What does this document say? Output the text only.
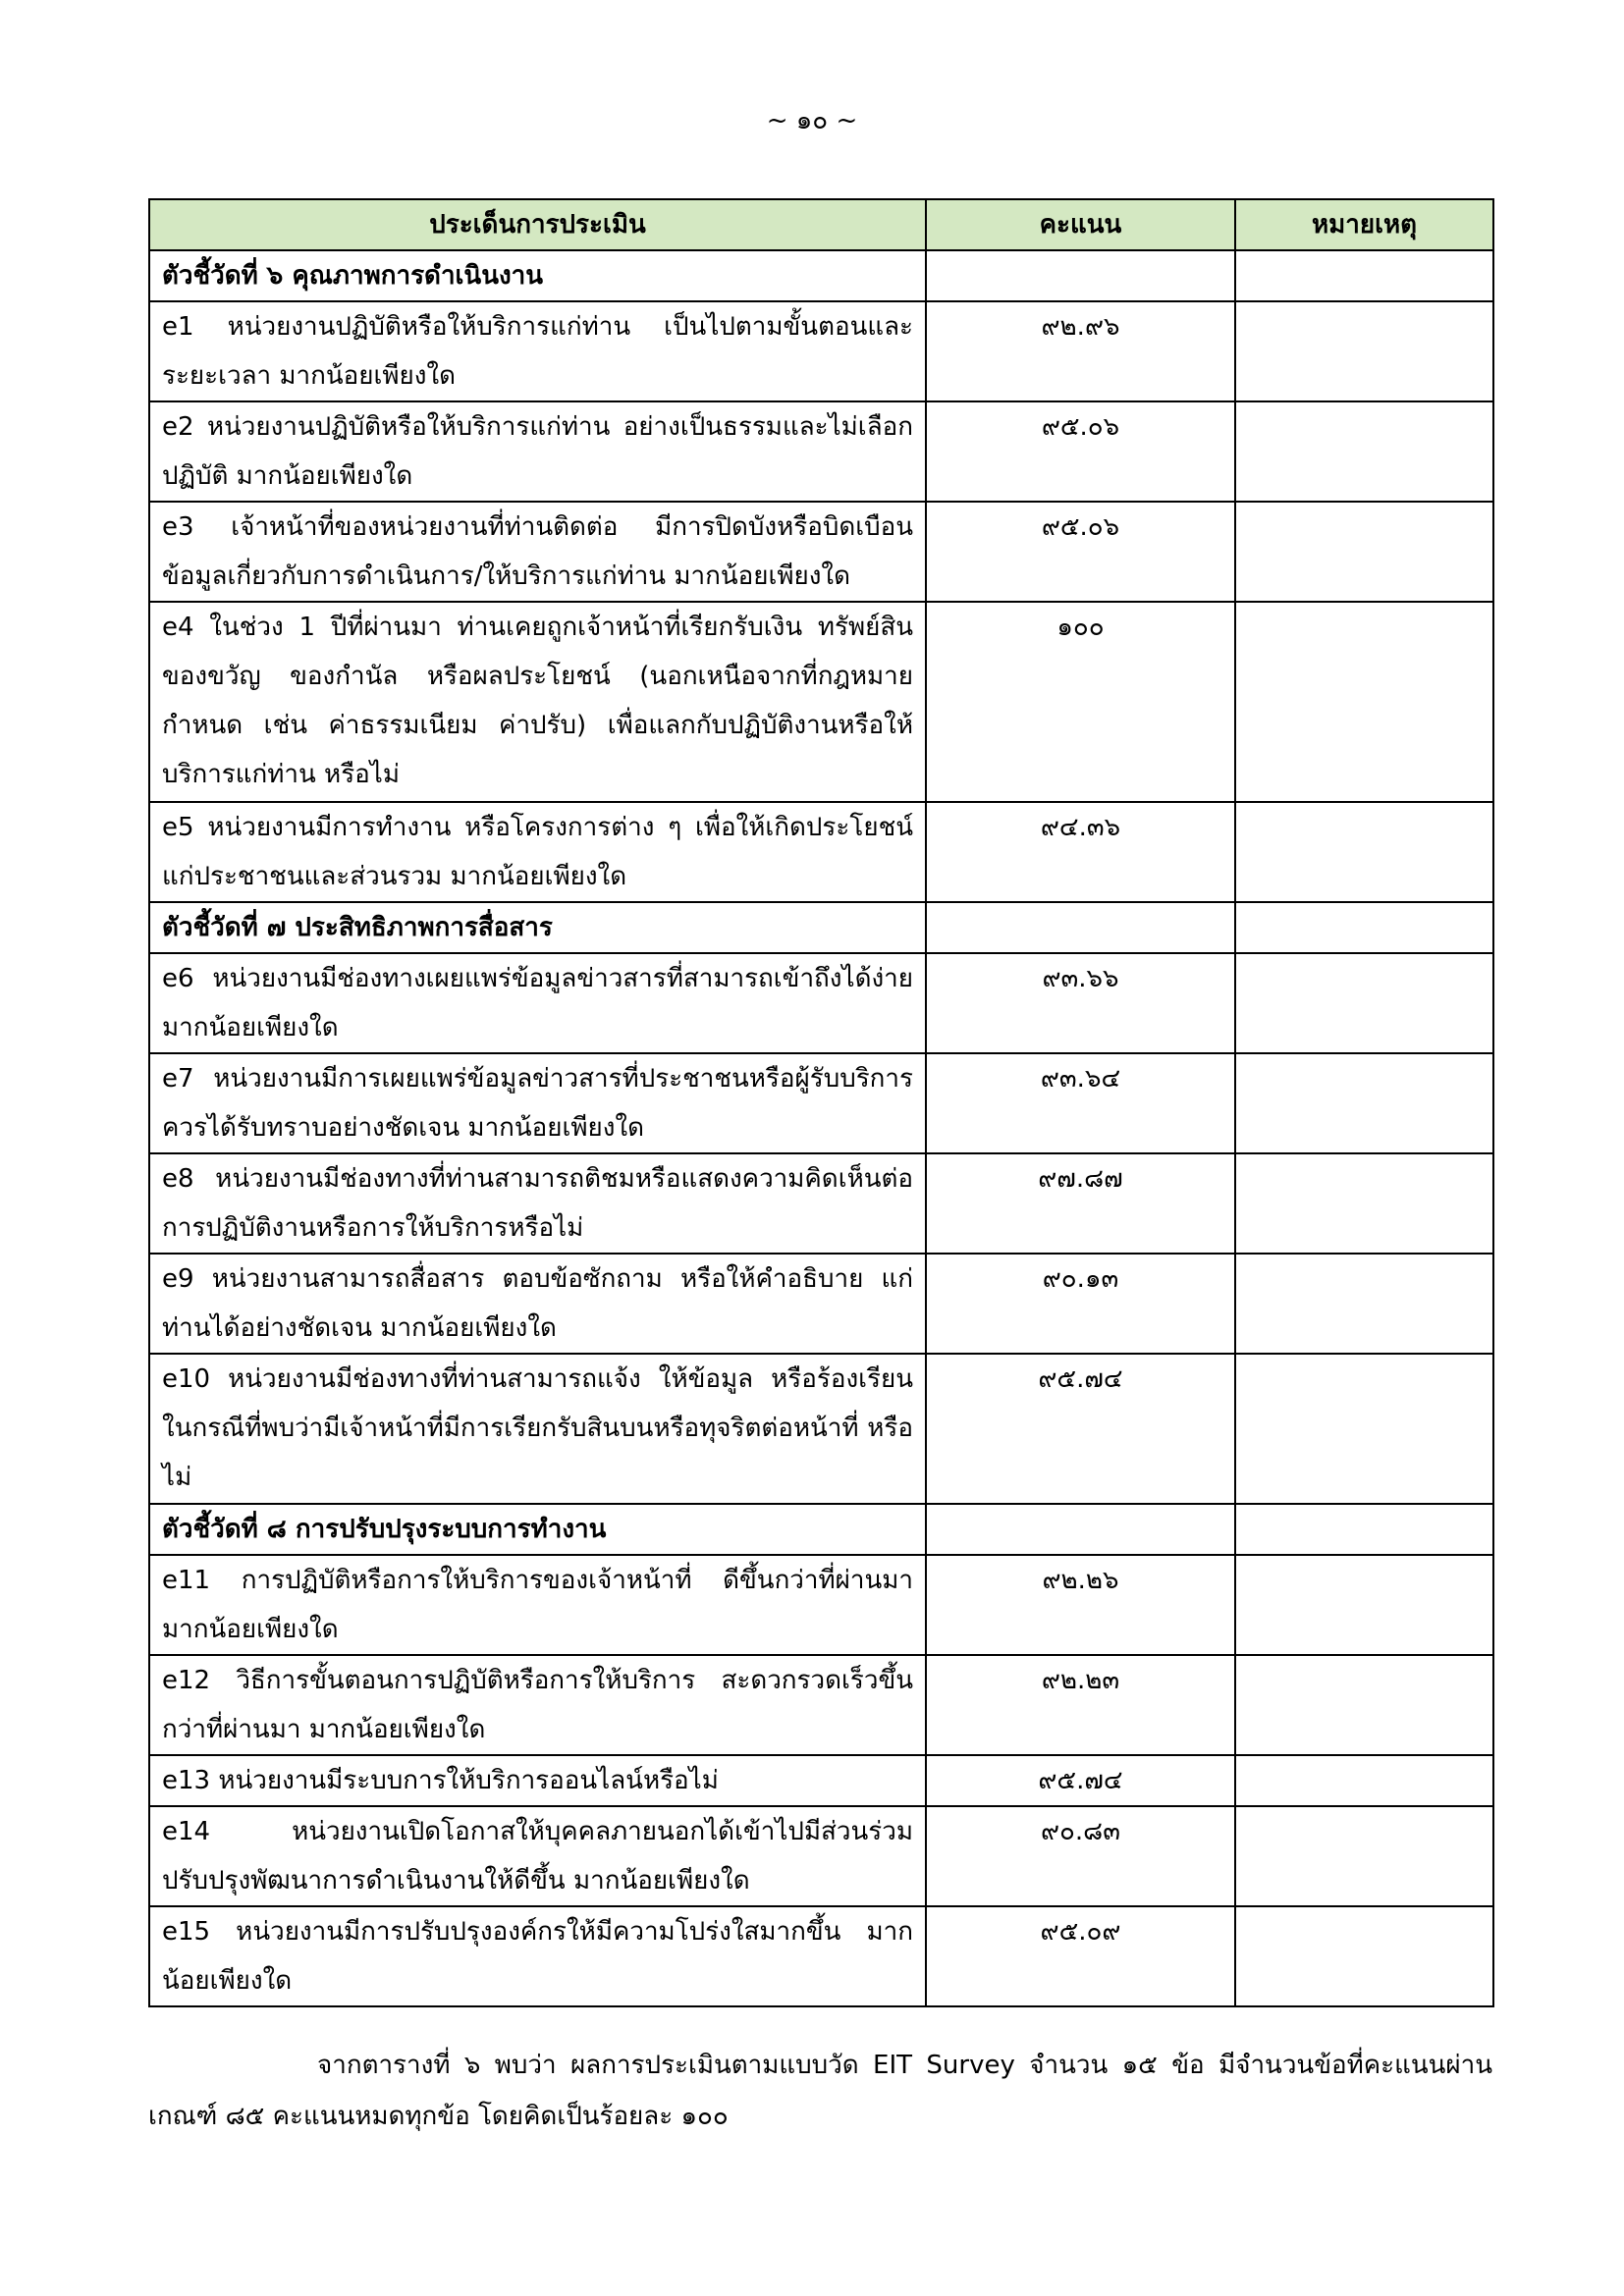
~ ๑๐ ~
ประเด็นการประเมิน	คะแนน	หมายเหตุ
ตัวชี้วัดที่ ๖ คุณภาพการดำเนินงาน		
e1 หน่วยงานปฏิบัติหรือให้บริการแก่ท่าน เป็นไปตามขั้นตอนและระยะเวลา มากน้อยเพียงใด	๙๒.๙๖	
e2 หน่วยงานปฏิบัติหรือให้บริการแก่ท่าน อย่างเป็นธรรมและไม่เลือกปฏิบัติ มากน้อยเพียงใด	๙๕.๐๖	
e3 เจ้าหน้าที่ของหน่วยงานที่ท่านติดต่อ มีการปิดบังหรือบิดเบือนข้อมูลเกี่ยวกับการดำเนินการ/ให้บริการแก่ท่าน มากน้อยเพียงใด	๙๕.๐๖	
e4 ในช่วง 1 ปีที่ผ่านมา ท่านเคยถูกเจ้าหน้าที่เรียกรับเงิน ทรัพย์สิน ของขวัญ ของกำนัล หรือผลประโยชน์ (นอกเหนือจากที่กฎหมายกำหนด เช่น ค่าธรรมเนียม ค่าปรับ) เพื่อแลกกับปฏิบัติงานหรือให้บริการแก่ท่าน หรือไม่	๑๐๐	
e5 หน่วยงานมีการทำงาน หรือโครงการต่าง ๆ เพื่อให้เกิดประโยชน์แก่ประชาชนและส่วนรวม มากน้อยเพียงใด	๙๔.๓๖	
ตัวชี้วัดที่ ๗ ประสิทธิภาพการสื่อสาร		
e6 หน่วยงานมีช่องทางเผยแพร่ข้อมูลข่าวสารที่สามารถเข้าถึงได้ง่าย มากน้อยเพียงใด	๙๓.๖๖	
e7 หน่วยงานมีการเผยแพร่ข้อมูลข่าวสารที่ประชาชนหรือผู้รับบริการควรได้รับทราบอย่างชัดเจน มากน้อยเพียงใด	๙๓.๖๔	
e8 หน่วยงานมีช่องทางที่ท่านสามารถติชมหรือแสดงความคิดเห็นต่อการปฏิบัติงานหรือการให้บริการหรือไม่	๙๗.๘๗	
e9 หน่วยงานสามารถสื่อสาร ตอบข้อซักถาม หรือให้คำอธิบาย แก่ท่านได้อย่างชัดเจน มากน้อยเพียงใด	๙๐.๑๓	
e10 หน่วยงานมีช่องทางที่ท่านสามารถแจ้ง ให้ข้อมูล หรือร้องเรียน ในกรณีที่พบว่ามีเจ้าหน้าที่มีการเรียกรับสินบนหรือทุจริตต่อหน้าที่ หรือไม่	๙๕.๗๔	
ตัวชี้วัดที่ ๘ การปรับปรุงระบบการทำงาน		
e11 การปฏิบัติหรือการให้บริการของเจ้าหน้าที่ ดีขึ้นกว่าที่ผ่านมา มากน้อยเพียงใด	๙๒.๒๖	
e12 วิธีการขั้นตอนการปฏิบัติหรือการให้บริการ สะดวกรวดเร็วขึ้นกว่าที่ผ่านมา มากน้อยเพียงใด	๙๒.๒๓	
e13 หน่วยงานมีระบบการให้บริการออนไลน์หรือไม่	๙๕.๗๔	
e14 หน่วยงานเปิดโอกาสให้บุคคลภายนอกได้เข้าไปมีส่วนร่วมปรับปรุงพัฒนาการดำเนินงานให้ดีขึ้น มากน้อยเพียงใด	๙๐.๘๓	
e15 หน่วยงานมีการปรับปรุงองค์กรให้มีความโปร่งใสมากขึ้น มากน้อยเพียงใด	๙๕.๐๙	

จากตารางที่ ๖ พบว่า ผลการประเมินตามแบบวัด EIT Survey จำนวน ๑๕ ข้อ มีจำนวนข้อที่คะแนนผ่านเกณฑ์ ๘๕ คะแนนหมดทุกข้อ โดยคิดเป็นร้อยละ ๑๐๐
